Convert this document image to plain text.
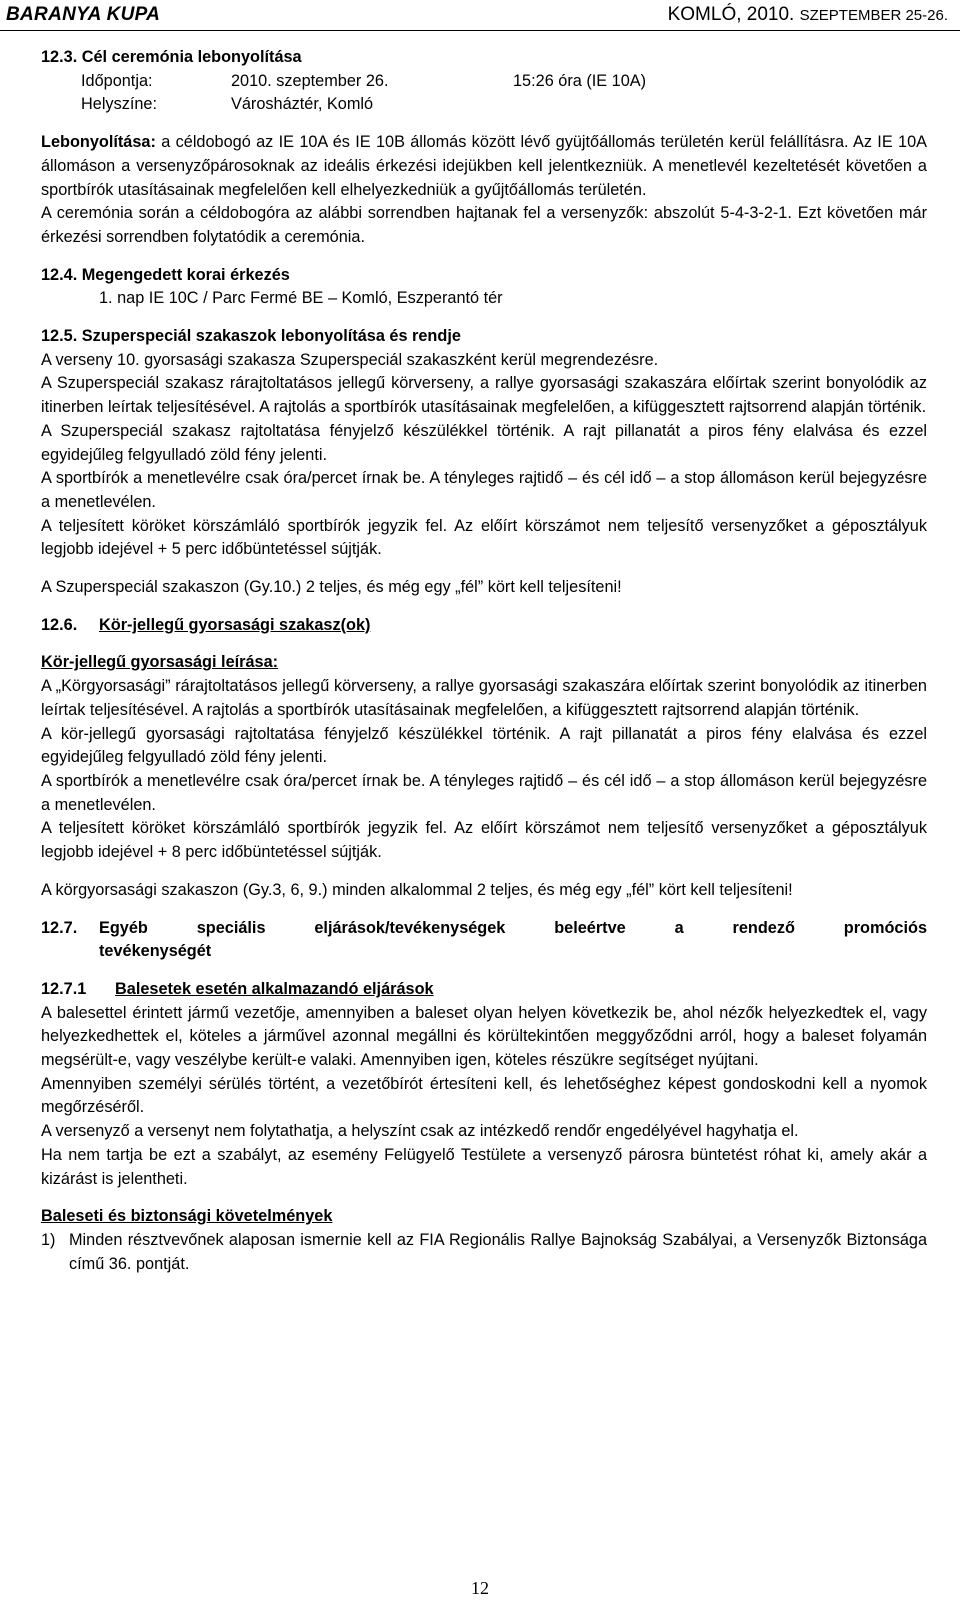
BARANYA KUPA	KOMLÓ, 2010. SZEPTEMBER 25-26.

12.3. Cél ceremónia lebonyolítása

Időpontja:	2010. szeptember 26.	15:26 óra (IE 10A)
Helyszíne:	Városháztér, Komló

Lebonyolítása: a céldobogó az IE 10A és IE 10B állomás között lévő gyüjtőállomás területén kerül felállításra. Az IE 10A állomáson a versenyzőpárosoknak az ideális érkezési idejükben kell jelentkezniük. A menetlevél kezeltetését követően a sportbírók utasításainak megfelelően kell elhelyezkedniük a gyűjtőállomás területén.

A ceremónia során a céldobogóra az alábbi sorrendben hajtanak fel a versenyzők: abszolút 5-4-3-2-1. Ezt követően már érkezési sorrendben folytatódik a ceremónia.

12.4. Megengedett korai érkezés

1. nap IE 10C / Parc Fermé BE – Komló, Eszperantó tér

12.5. Szuperspeciál szakaszok lebonyolítása és rendje

A verseny 10. gyorsasági szakasza Szuperspeciál szakaszként kerül megrendezésre.

A Szuperspeciál szakasz rárajtoltatásos jellegű körverseny, a rallye gyorsasági szakaszára előírtak szerint bonyolódik az itinerben leírtak teljesítésével. A rajtolás a sportbírók utasításainak megfelelően, a kifüggesztett rajtsorrend alapján történik.

A Szuperspeciál szakasz rajtoltatása fényjelző készülékkel történik. A rajt pillanatát a piros fény elalvása és ezzel egyidejűleg felgyulladó zöld fény jelenti.

A sportbírók a menetlevélre csak óra/percet írnak be. A tényleges rajtidő – és cél idő – a stop állomáson kerül bejegyzésre a menetlevélen.

A teljesített köröket körszámláló sportbírók jegyzik fel. Az előírt körszámot nem teljesítő versenyzőket a géposztályuk legjobb idejével + 5 perc időbüntetéssel sújtják.

A Szuperspeciál szakaszon (Gy.10.) 2 teljes, és még egy „fél” kört kell teljesíteni!

12.6. Kör-jellegű gyorsasági szakasz(ok)

Kör-jellegű gyorsasági leírása:

A „Körgyorsasági” rárajtoltatásos jellegű körverseny, a rallye gyorsasági szakaszára előírtak szerint bonyolódik az itinerben leírtak teljesítésével. A rajtolás a sportbírók utasításainak megfelelően, a kifüggesztett rajtsorrend alapján történik.

A kör-jellegű gyorsasági rajtoltatása fényjelző készülékkel történik. A rajt pillanatát a piros fény elalvása és ezzel egyidejűleg felgyulladó zöld fény jelenti.

A sportbírók a menetlevélre csak óra/percet írnak be. A tényleges rajtidő – és cél idő – a stop állomáson kerül bejegyzésre a menetlevélen.

A teljesített köröket körszámláló sportbírók jegyzik fel. Az előírt körszámot nem teljesítő versenyzőket a géposztályuk legjobb idejével + 8 perc időbüntetéssel sújtják.

A körgyorsasági szakaszon (Gy.3, 6, 9.) minden alkalommal 2 teljes, és még egy „fél” kört kell teljesíteni!

12.7. Egyéb speciális eljárások/tevékenységek beleértve a rendező promóciós

tevékenységét

12.7.1 Balesetek esetén alkalmazandó eljárások

A balesettel érintett jármű vezetője, amennyiben a baleset olyan helyen következik be, ahol nézők helyezkedtek el, vagy helyezkedhettek el, köteles a járművel azonnal megállni és körültekintően meggyőződni arról, hogy a baleset folyamán megsérült-e, vagy veszélybe került-e valaki. Amennyiben igen, köteles részükre segítséget nyújtani.

Amennyiben személyi sérülés történt, a vezetőbírót értesíteni kell, és lehetőséghez képest gondoskodni kell a nyomok megőrzéséről.

A versenyző a versenyt nem folytathatja, a helyszínt csak az intézkedő rendőr engedélyével hagyhatja el.

Ha nem tartja be ezt a szabályt, az esemény Felügyelő Testülete a versenyző párosra büntetést róhat ki, amely akár a kizárást is jelentheti.

Baleseti és biztonsági követelmények

1) Minden résztvevőnek alaposan ismernie kell az FIA Regionális Rallye Bajnokság Szabályai, a Versenyzők Biztonsága című 36. pontját.
12
